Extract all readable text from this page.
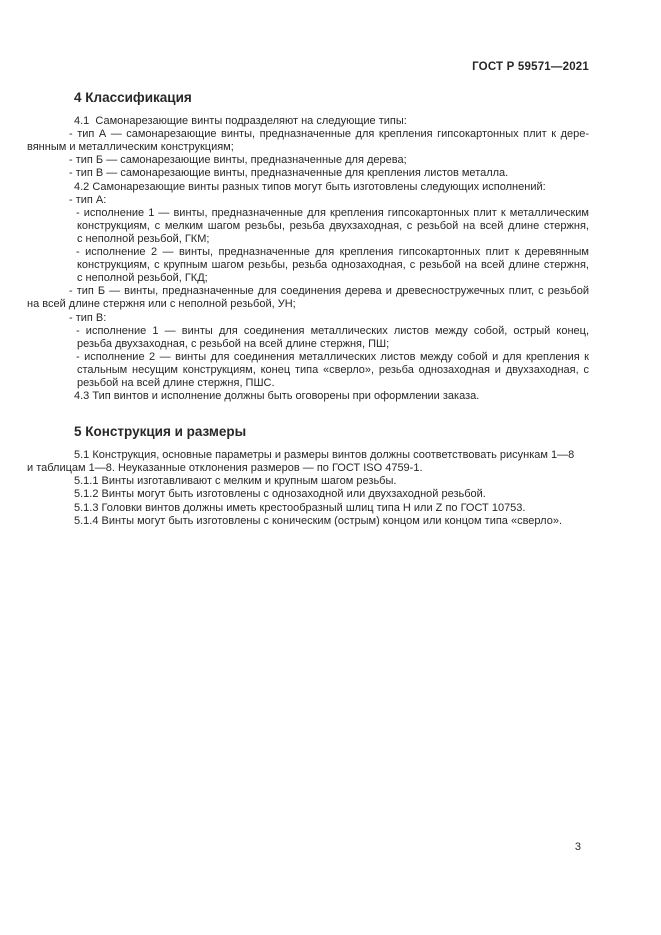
ГОСТ Р 59571—2021
4 Классификация
4.1  Самонарезающие винты подразделяют на следующие типы:
- тип А — самонарезающие винты, предназначенные для крепления гипсокартонных плит к дере-
вянным и металлическим конструкциям;
- тип Б — самонарезающие винты, предназначенные для дерева;
- тип В — самонарезающие винты, предназначенные для крепления листов металла.
4.2 Самонарезающие винты разных типов могут быть изготовлены следующих исполнений:
- тип А:
- исполнение 1 — винты, предназначенные для крепления гипсокартонных плит к металлическим
конструкциям, с мелким шагом резьбы, резьба двухзаходная, с резьбой на всей длине стержня,
с неполной резьбой, ГКМ;
- исполнение 2 — винты, предназначенные для крепления гипсокартонных плит к деревянным
конструкциям, с крупным шагом резьбы, резьба однозаходная, с резьбой на всей длине стержня,
с неполной резьбой, ГКД;
- тип Б — винты, предназначенные для соединения дерева и древесностружечных плит, с резьбой
на всей длине стержня или с неполной резьбой, УН;
- тип В:
- исполнение 1 — винты для соединения металлических листов между собой, острый конец,
резьба двухзаходная, с резьбой на всей длине стержня, ПШ;
- исполнение 2 — винты для соединения металлических листов между собой и для крепления к
стальным несущим конструкциям, конец типа «сверло», резьба однозаходная и двухзаходная, с
резьбой на всей длине стержня, ПШС.
4.3 Тип винтов и исполнение должны быть оговорены при оформлении заказа.
5 Конструкция и размеры
5.1 Конструкция, основные параметры и размеры винтов должны соответствовать рисункам 1—8
и таблицам 1—8. Неуказанные отклонения размеров — по ГОСТ ISO 4759-1.
5.1.1 Винты изготавливают с мелким и крупным шагом резьбы.
5.1.2 Винты могут быть изготовлены с однозаходной или двухзаходной резьбой.
5.1.3 Головки винтов должны иметь крестообразный шлиц типа H или Z по ГОСТ 10753.
5.1.4 Винты могут быть изготовлены с коническим (острым) концом или концом типа «сверло».
3
